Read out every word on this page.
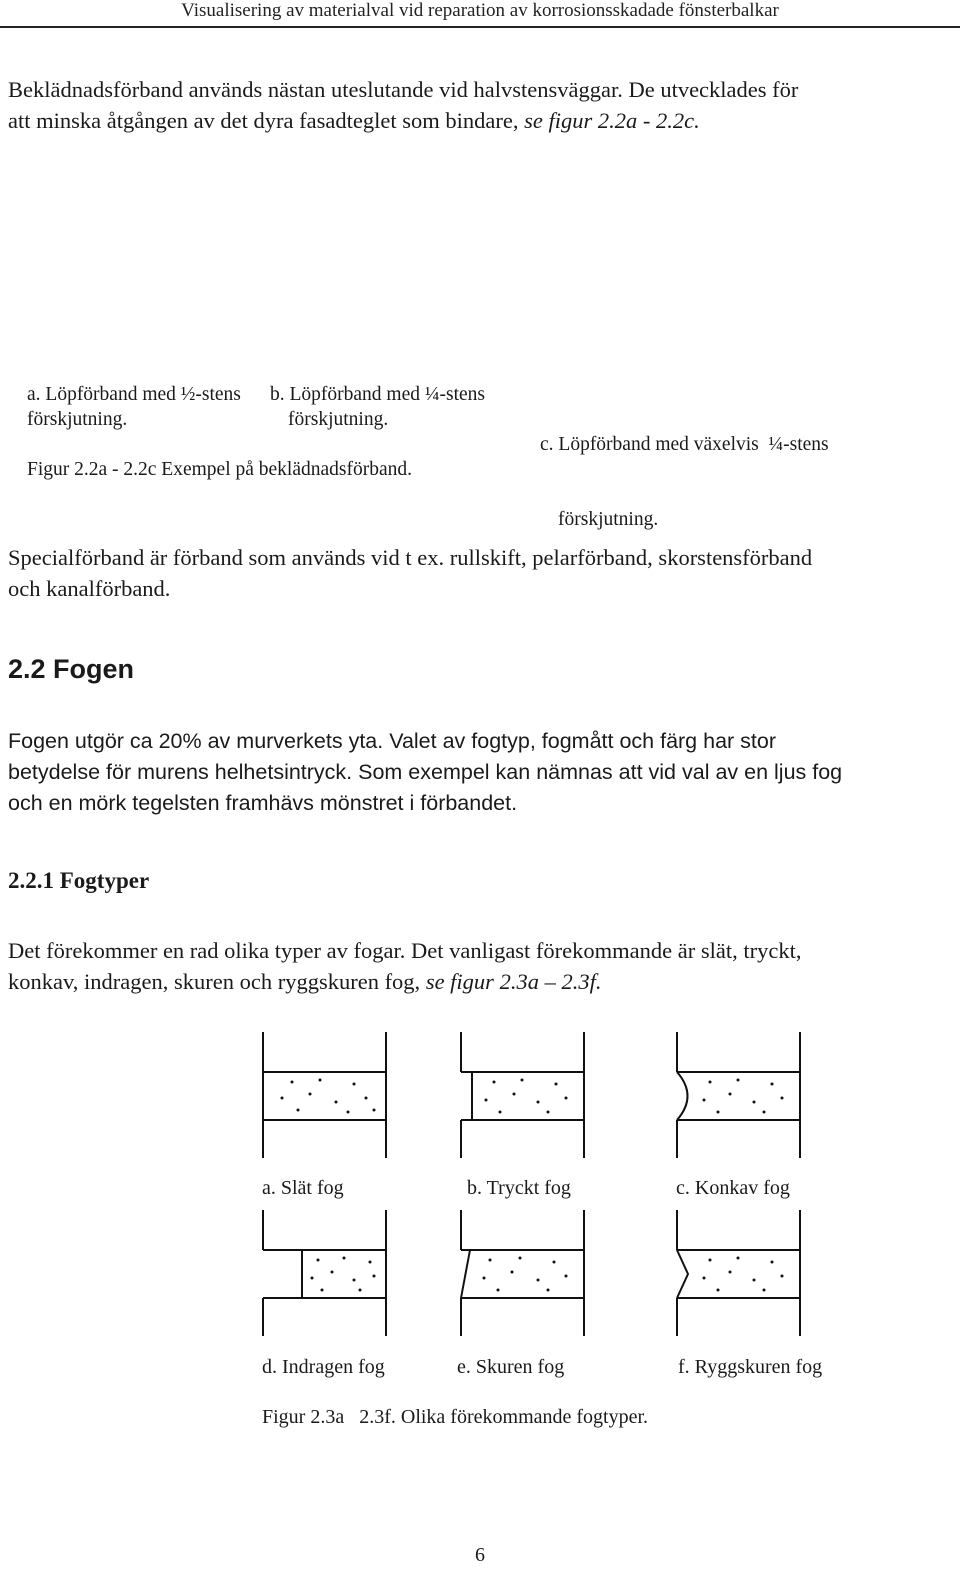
Visualisering av materialval vid reparation av korrosionsskadade fönsterbalkar
Beklädnadsförband används nästan uteslutande vid halvstensväggar. De utvecklades för
att minska åtgången av det dyra fasadteglet som bindare, se figur 2.2a - 2.2c.
a. Löpförband med ½-stens
förskjutning.
b. Löpförband med ¼-stens
förskjutning.

c. Löpförband med växelvis  ¼-stens

förskjutning.

Figur 2.2a - 2.2c Exempel på beklädnadsförband.
Specialförband är förband som används vid t ex. rullskift, pelarförband, skorstensförband
och kanalförband.
2.2 Fogen
Fogen utgör ca 20% av murverkets yta. Valet av fogtyp, fogmått och färg har stor
betydelse för murens helhetsintryck. Som exempel kan nämnas att vid val av en ljus fog
och en mörk tegelsten framhävs mönstret i förbandet.
2.2.1 Fogtyper
Det förekommer en rad olika typer av fogar. Det vanligast förekommande är slät, tryckt,
konkav, indragen, skuren och ryggskuren fog, se figur 2.3a – 2.3f.
a. Slät fog	b. Tryckt fog	c. Konkav fog
d. Indragen fog	e. Skuren fog	f. Ryggskuren fog
Figur 2.3a   2.3f. Olika förekommande fogtyper.
6
